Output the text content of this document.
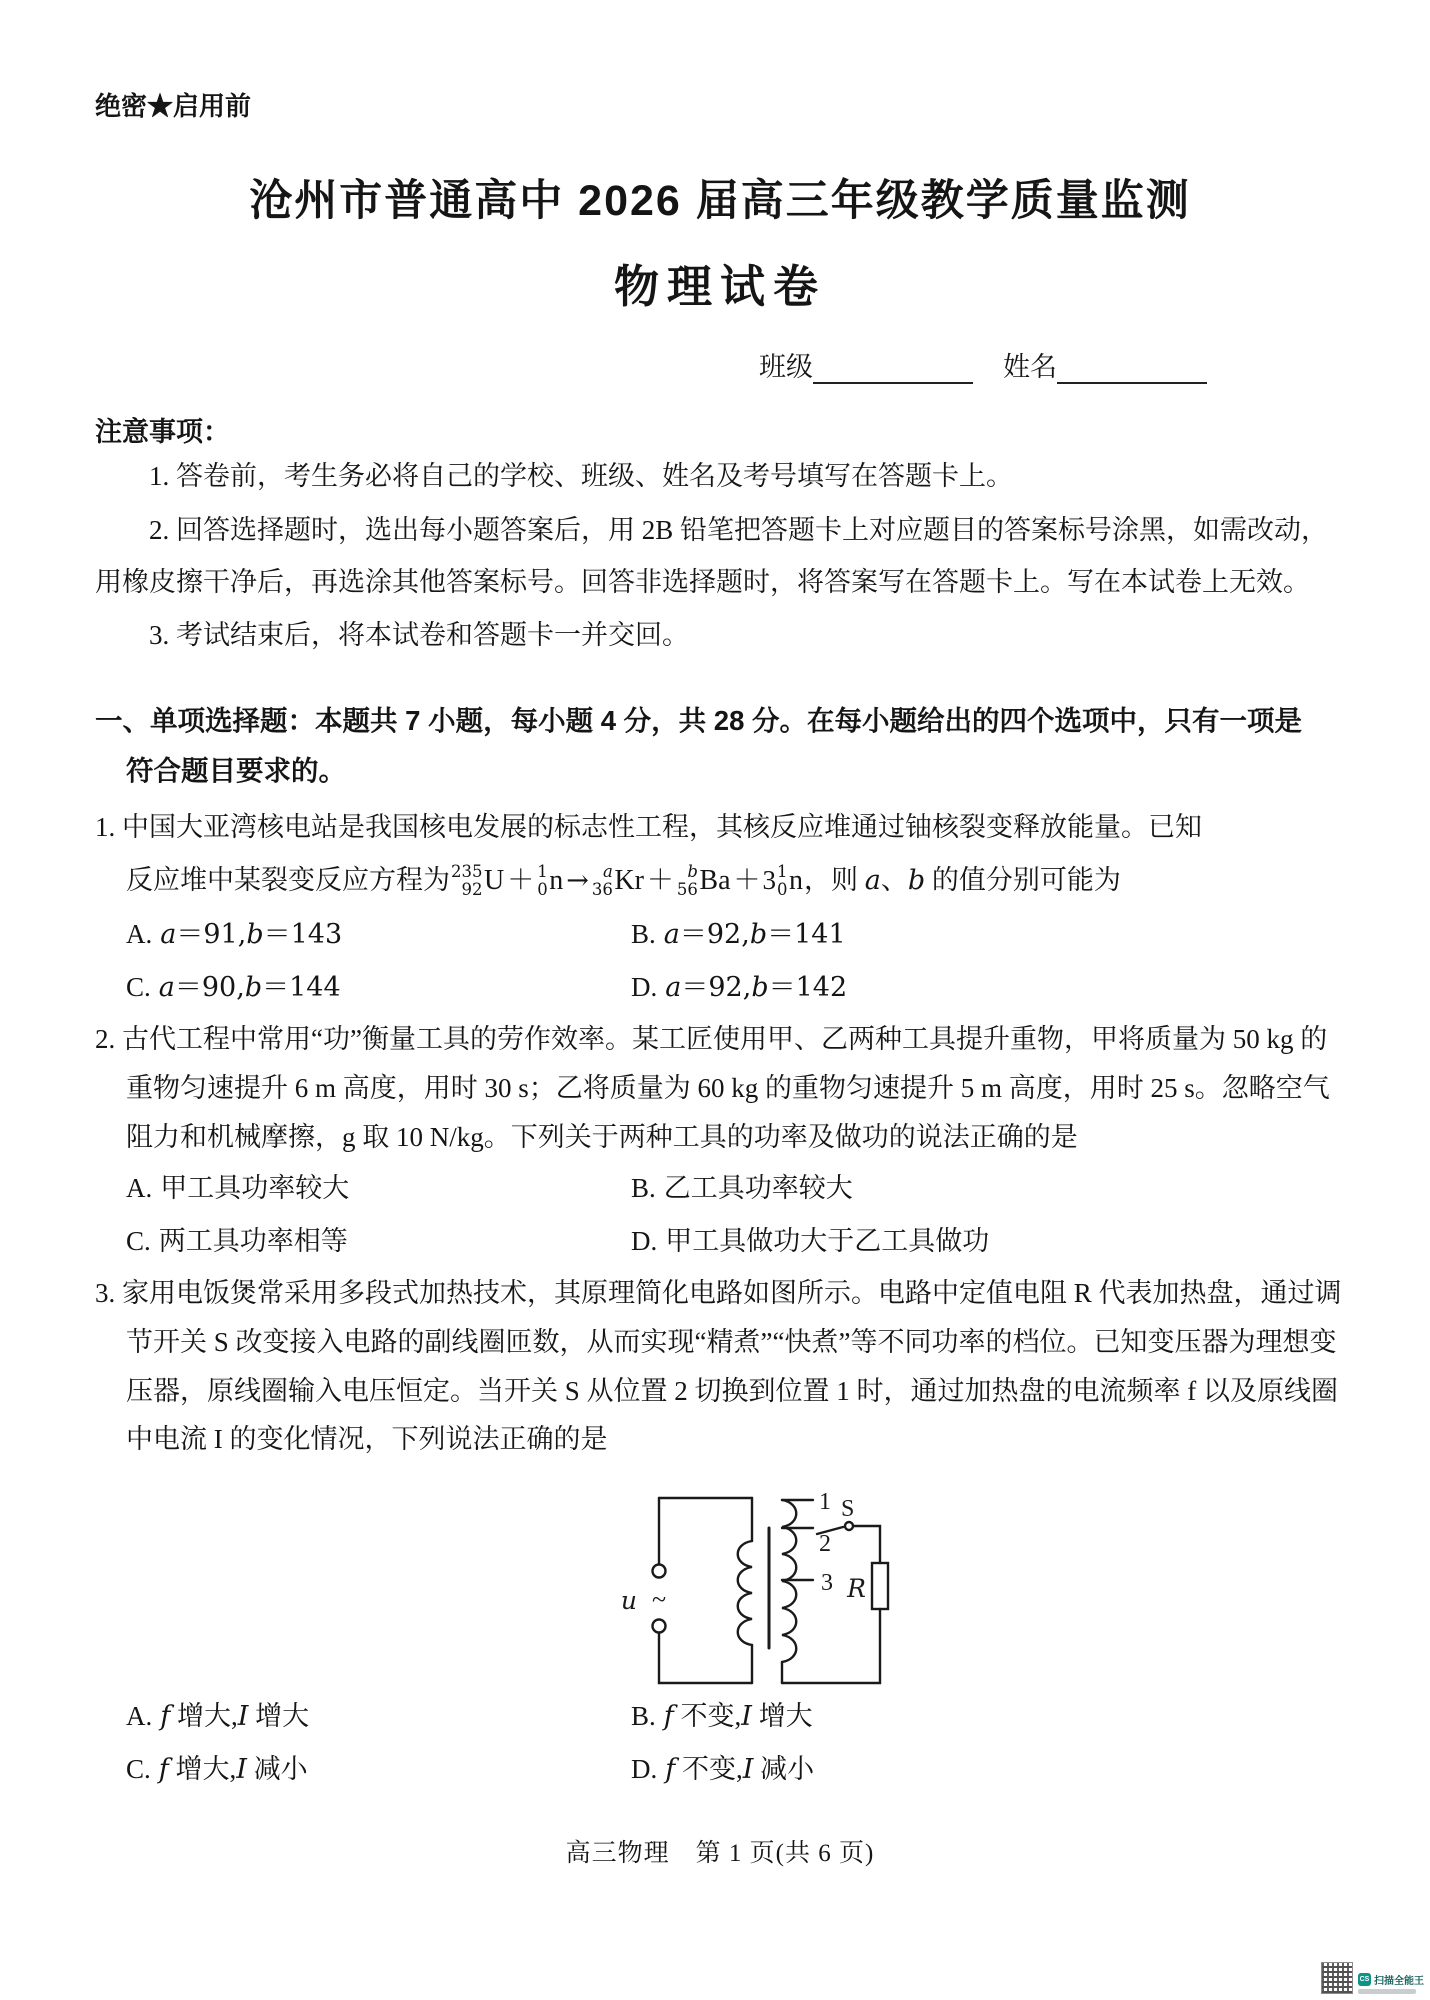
绝密★启用前
沧州市普通高中 2026 届高三年级教学质量监测
物理试卷
班级	姓名
注意事项：
1. 答卷前，考生务必将自己的学校、班级、姓名及考号填写在答题卡上。
2. 回答选择题时，选出每小题答案后，用 2B 铅笔把答题卡上对应题目的答案标号涂黑，如需改动，用橡皮擦干净后，再选涂其他答案标号。回答非选择题时，将答案写在答题卡上。写在本试卷上无效。
3. 考试结束后，将本试卷和答题卡一并交回。
一、单项选择题：本题共 7 小题，每小题 4 分，共 28 分。在每小题给出的四个选项中，只有一项是
符合题目要求的。
1. 中国大亚湾核电站是我国核电发展的标志性工程，其核反应堆通过铀核裂变释放能量。已知
反应堆中某裂变反应方程为 235
92 U ＋ 1
0 n → a
36 Kr ＋ b
56 Ba ＋ 3 1
0 n ，则 a、b 的值分别可能为
A. a＝91,b＝143	B. a＝92,b＝141
C. a＝90,b＝144	D. a＝92,b＝142
2. 古代工程中常用“功”衡量工具的劳作效率。某工匠使用甲、乙两种工具提升重物，甲将质量为 50 kg 的重物匀速提升 6 m 高度，用时 30 s；乙将质量为 60 kg 的重物匀速提升 5 m 高度，用时 25 s。忽略空气阻力和机械摩擦，g 取 10 N/kg。下列关于两种工具的功率及做功的说法正确的是
A. 甲工具功率较大	B. 乙工具功率较大
C. 两工具功率相等	D. 甲工具做功大于乙工具做功
3. 家用电饭煲常采用多段式加热技术，其原理简化电路如图所示。电路中定值电阻 R 代表加热盘，通过调节开关 S 改变接入电路的副线圈匝数，从而实现“精煮”“快煮”等不同功率的档位。已知变压器为理想变压器，原线圈输入电压恒定。当开关 S 从位置 2 切换到位置 1 时，通过加热盘的电流频率 f 以及原线圈中电流 I 的变化情况，下列说法正确的是
u ~
1
2
3
S
R
A. f 增大,I 增大	B. f 不变,I 增大
C. f 增大,I 减小	D. f 不变,I 减小
高三物理　第 1 页(共 6 页)
CS 扫描全能王
